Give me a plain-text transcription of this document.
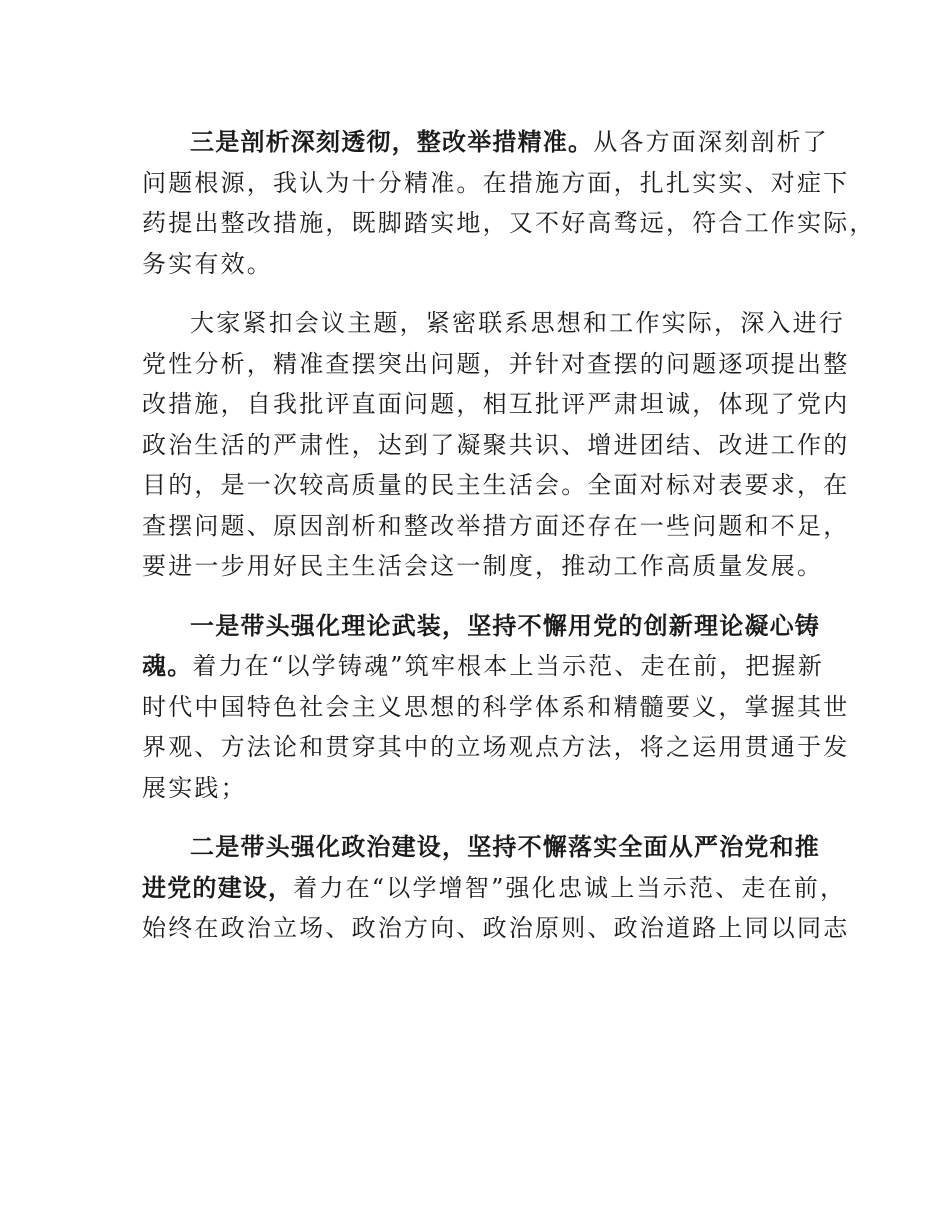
三是剖析深刻透彻，整改举措精准。从各方面深刻剖析了
问题根源，我认为十分精准。在措施方面，扎扎实实、对症下
药提出整改措施，既脚踏实地，又不好高骛远，符合工作实际，
务实有效。

大家紧扣会议主题，紧密联系思想和工作实际，深入进行
党性分析，精准查摆突出问题，并针对查摆的问题逐项提出整
改措施，自我批评直面问题，相互批评严肃坦诚，体现了党内
政治生活的严肃性，达到了凝聚共识、增进团结、改进工作的
目的，是一次较高质量的民主生活会。全面对标对表要求，在
查摆问题、原因剖析和整改举措方面还存在一些问题和不足，
要进一步用好民主生活会这一制度，推动工作高质量发展。

一是带头强化理论武装，坚持不懈用党的创新理论凝心铸
魂。着力在“以学铸魂”筑牢根本上当示范、走在前，把握新
时代中国特色社会主义思想的科学体系和精髓要义，掌握其世
界观、方法论和贯穿其中的立场观点方法，将之运用贯通于发
展实践；

二是带头强化政治建设，坚持不懈落实全面从严治党和推
进党的建设，着力在“以学增智”强化忠诚上当示范、走在前，
始终在政治立场、政治方向、政治原则、政治道路上同以同志
